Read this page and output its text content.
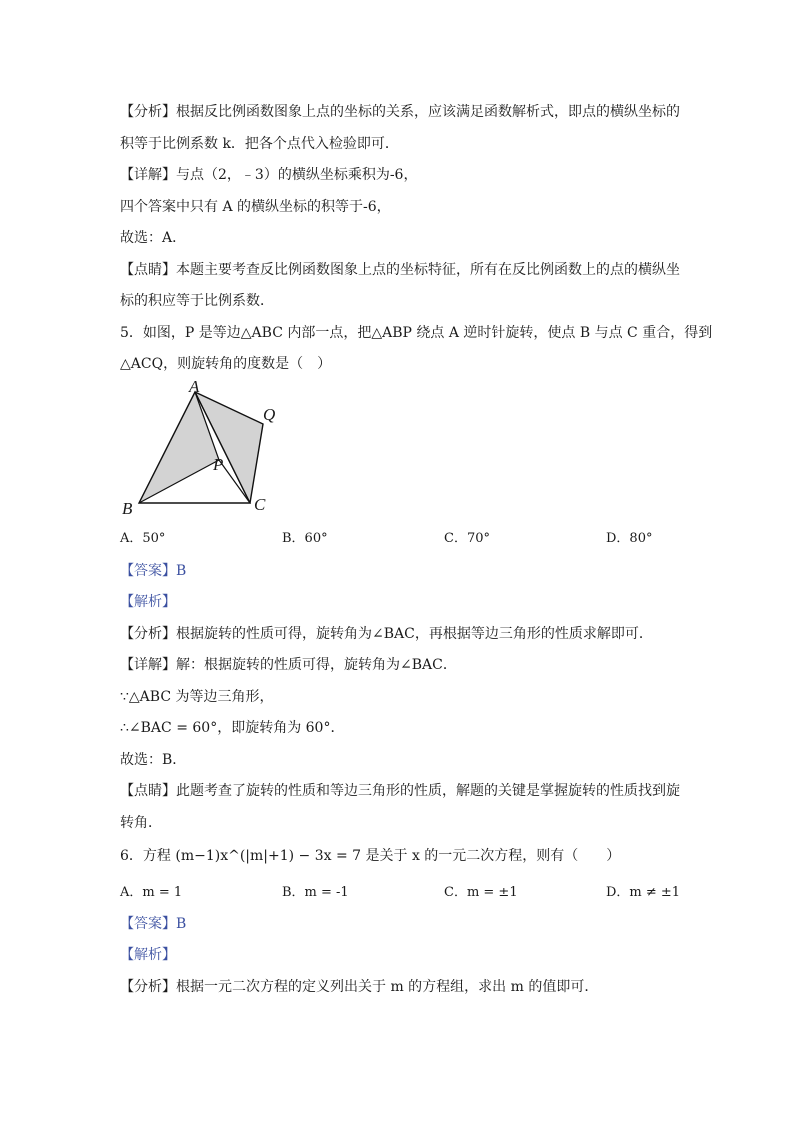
【分析】根据反比例函数图象上点的坐标的关系，应该满足函数解析式，即点的横纵坐标的
积等于比例系数 k．把各个点代入检验即可．
【详解】与点（2，﹣3）的横纵坐标乘积为-6，
四个答案中只有 A 的横纵坐标的积等于-6，
故选：A．
【点睛】本题主要考查反比例函数图象上点的坐标特征，所有在反比例函数上的点的横纵坐
标的积应等于比例系数．
5．如图，P 是等边△ABC 内部一点，把△ABP 绕点 A 逆时针旋转，使点 B 与点 C 重合，得到
△ACQ，则旋转角的度数是（　）
A
Q
P
B	C
A．50°	B．60°	C．70°	D．80°
【答案】B
【解析】
【分析】根据旋转的性质可得，旋转角为∠BAC，再根据等边三角形的性质求解即可．
【详解】解：根据旋转的性质可得，旋转角为∠BAC．
∵△ABC 为等边三角形，
∴∠BAC = 60°，即旋转角为 60°．
故选：B．
【点睛】此题考查了旋转的性质和等边三角形的性质，解题的关键是掌握旋转的性质找到旋
转角．
6．方程 (m−1)x^(|m|+1) − 3x = 7 是关于 x 的一元二次方程，则有（　　）
A．m = 1	B．m = -1	C．m = ±1	D．m ≠ ±1
【答案】B
【解析】
【分析】根据一元二次方程的定义列出关于 m 的方程组，求出 m 的值即可．
